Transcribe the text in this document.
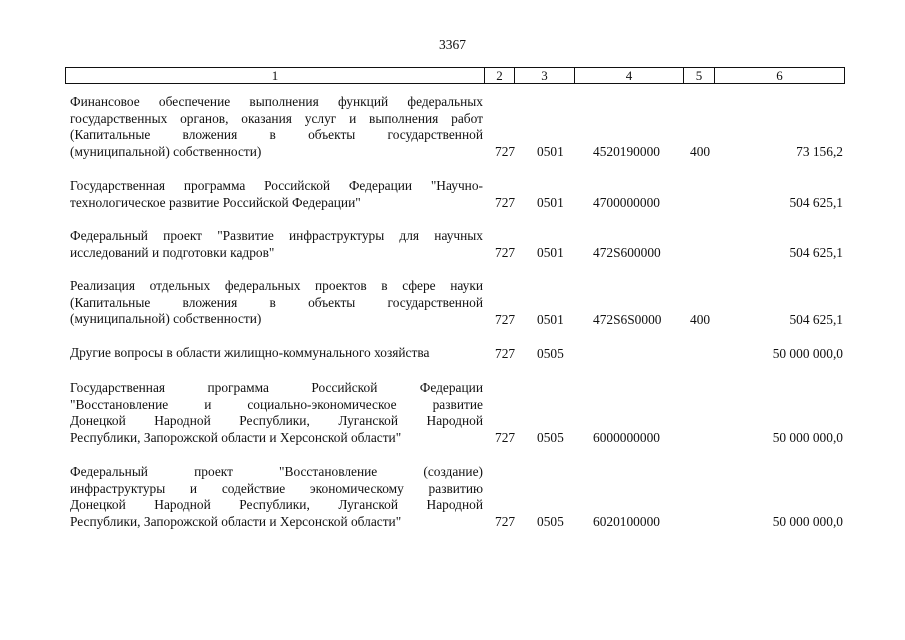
3367
1	2	3	4	5	6
Финансовое обеспечение выполнения функций федеральных
государственных органов, оказания услуг и выполнения работ
(Капитальные вложения в объекты государственной
(муниципальной) собственности)	727 0501 4520190000 400	73 156,2
Государственная программа Российской Федерации "Научно-
технологическое развитие Российской Федерации"	727 0501 4700000000	504 625,1
Федеральный проект "Развитие инфраструктуры для научных
исследований и подготовки кадров"	727 0501 472S600000	504 625,1
Реализация отдельных федеральных проектов в сфере науки
(Капитальные вложения в объекты государственной
(муниципальной) собственности)	727 0501 472S6S0000 400	504 625,1
Другие вопросы в области жилищно-коммунального хозяйства	727 0505	50 000 000,0
Государственная программа Российской Федерации
"Восстановление и социально-экономическое развитие
Донецкой Народной Республики, Луганской Народной
Республики, Запорожской области и Херсонской области"	727 0505 6000000000	50 000 000,0
Федеральный проект "Восстановление (создание)
инфраструктуры и содействие экономическому развитию
Донецкой Народной Республики, Луганской Народной
Республики, Запорожской области и Херсонской области"	727 0505 6020100000	50 000 000,0
